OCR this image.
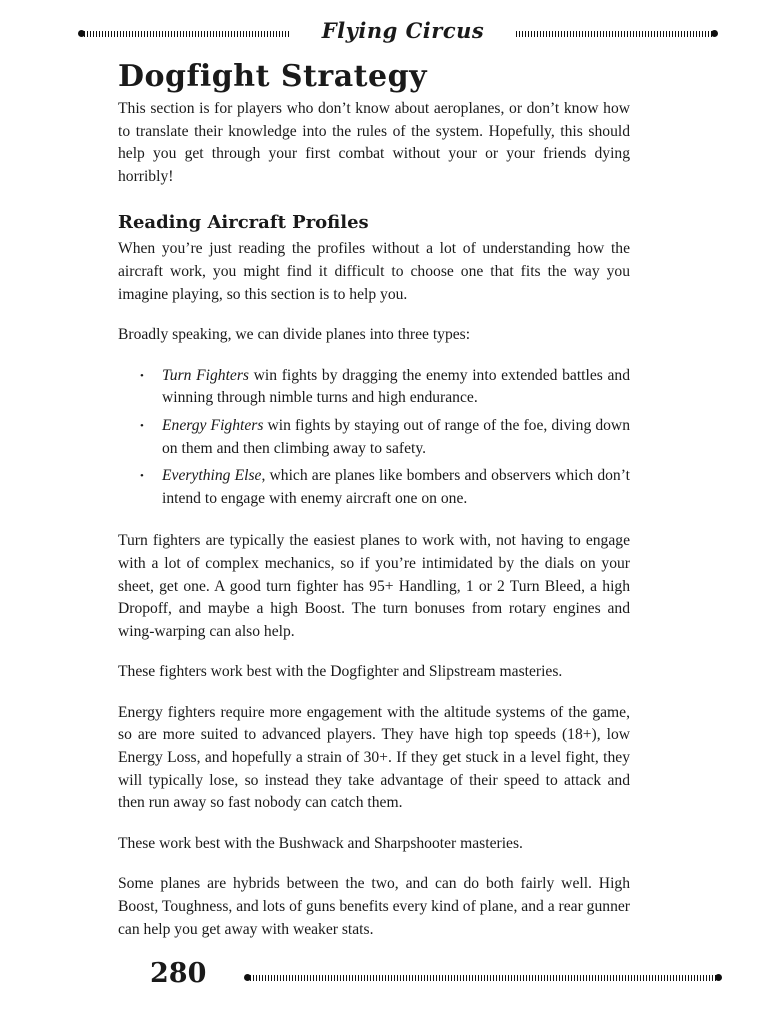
Flying Circus
Dogfight Strategy

This section is for players who don’t know about aeroplanes, or don’t know how to translate their knowledge into the rules of the system. Hopefully, this should help you get through your first combat without your or your friends dying horribly!

Reading Aircraft Profiles

When you’re just reading the profiles without a lot of understanding how the aircraft work, you might find it difficult to choose one that fits the way you imagine playing, so this section is to help you.

Broadly speaking, we can divide planes into three types:

• Turn Fighters win fights by dragging the enemy into extended battles and winning through nimble turns and high endurance.
• Energy Fighters win fights by staying out of range of the foe, diving down on them and then climbing away to safety.
• Everything Else, which are planes like bombers and observers which don’t intend to engage with enemy aircraft one on one.

Turn fighters are typically the easiest planes to work with, not having to engage with a lot of complex mechanics, so if you’re intimidated by the dials on your sheet, get one. A good turn fighter has 95+ Handling, 1 or 2 Turn Bleed, a high Dropoff, and maybe a high Boost. The turn bonuses from rotary engines and wing-warping can also help.

These fighters work best with the Dogfighter and Slipstream masteries.

Energy fighters require more engagement with the altitude systems of the game, so are more suited to advanced players. They have high top speeds (18+), low Energy Loss, and hopefully a strain of 30+. If they get stuck in a level fight, they will typically lose, so instead they take advantage of their speed to attack and then run away so fast nobody can catch them.

These work best with the Bushwack and Sharpshooter masteries.

Some planes are hybrids between the two, and can do both fairly well. High Boost, Toughness, and lots of guns benefits every kind of plane, and a rear gunner can help you get away with weaker stats.

280
